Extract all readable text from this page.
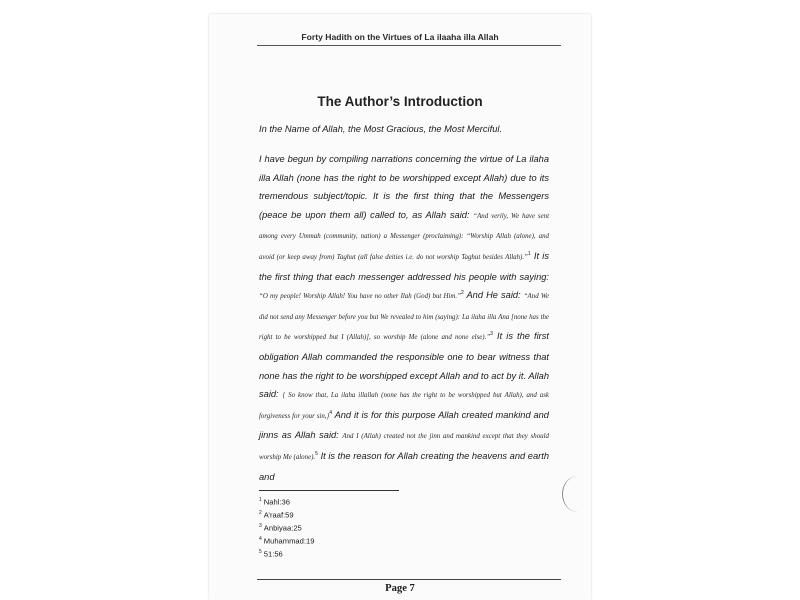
Forty Hadith on the Virtues of La ilaaha illa Allah
The Author’s Introduction
In the Name of Allah, the Most Gracious, the Most Merciful.

I have begun by compiling narrations concerning the virtue of La ilaha illa Allah (none has the right to be worshipped except Allah) due to its tremendous subject/topic. It is the first thing that the Messengers (peace be upon them all) called to, as Allah said: “And verily, We have sent among every Ummah (community, nation) a Messenger (proclaiming): “Worship Allah (alone), and avoid (or keep away from) Taghut (all false deities i.e. do not worship Taghut besides Allah).”$^1$ It is the first thing that each messenger addressed his people with saying: “O my people! Worship Allah! You have no other Ilah (God) but Him.”$^2$ And He said: “And We did not send any Messenger before you but We revealed to him (saying): La ilaha illa Ana [none has the right to be worshipped but I (Allah)], so worship Me (alone and none else).”$^3$ It is the first obligation Allah commanded the responsible one to bear witness that none has the right to be worshipped except Allah and to act by it. Allah said: { So know that, La ilaha illallah (none has the right to be worshipped but Allah), and ask forgiveness for your sin,}$^4$ And it is for this purpose Allah created mankind and jinns as Allah said: And I (Allah) created not the jinn and mankind except that they should worship Me (alone).$^5$ It is the reason for Allah creating the heavens and earth and

$^1$ Nahl:36
$^2$ A’raaf:59
$^3$ Anbiyaa:25
$^4$ Muhammad:19
$^5$ 51:56
Page 7
